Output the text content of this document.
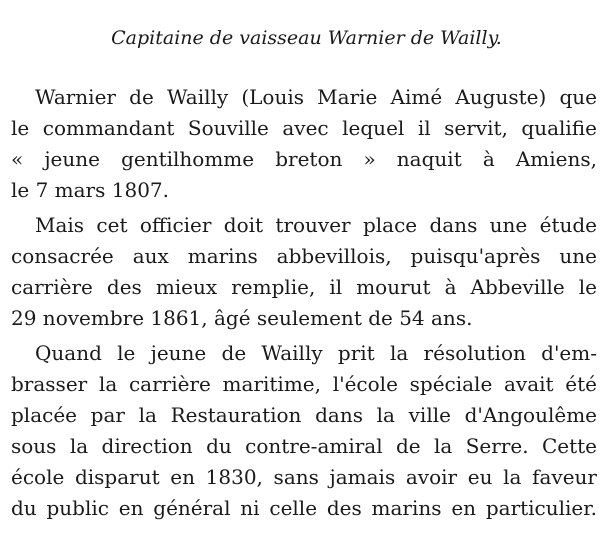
Capitaine de vaisseau Warnier de Wailly.
Warnier de Wailly (Louis Marie Aimé Auguste) que
le commandant Souville avec lequel il servit, qualifie
« jeune gentilhomme breton » naquit à Amiens,
le 7 mars 1807.
Mais cet officier doit trouver place dans une étude
consacrée aux marins abbevillois, puisqu'après une
carrière des mieux remplie, il mourut à Abbeville le
29 novembre 1861, âgé seulement de 54 ans.
Quand le jeune de Wailly prit la résolution d'em-
brasser la carrière maritime, l'école spéciale avait été
placée par la Restauration dans la ville d'Angoulême
sous la direction du contre-amiral de la Serre. Cette
école disparut en 1830, sans jamais avoir eu la faveur
du public en général ni celle des marins en particulier.
